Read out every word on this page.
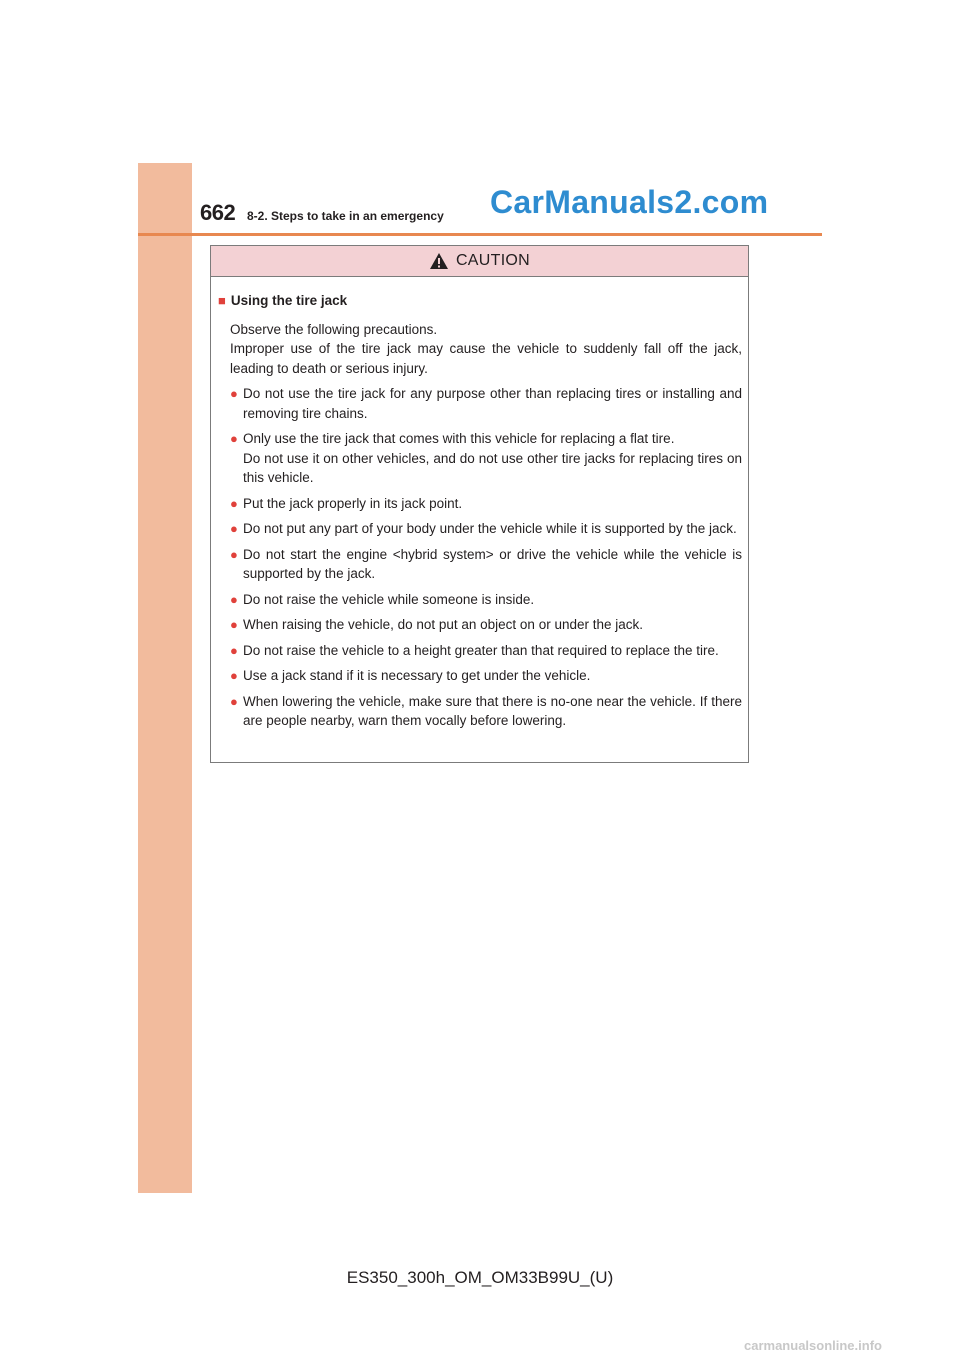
662 8-2. Steps to take in an emergency CarManuals2.com
CAUTION
■ Using the tire jack

Observe the following precautions.

Improper use of the tire jack may cause the vehicle to suddenly fall off the jack, leading to death or serious injury.

● Do not use the tire jack for any purpose other than replacing tires or installing and removing tire chains.

● Only use the tire jack that comes with this vehicle for replacing a flat tire.

Do not use it on other vehicles, and do not use other tire jacks for replacing tires on this vehicle.

● Put the jack properly in its jack point.

● Do not put any part of your body under the vehicle while it is supported by the jack.

● Do not start the engine <hybrid system> or drive the vehicle while the vehicle is supported by the jack.

● Do not raise the vehicle while someone is inside.

● When raising the vehicle, do not put an object on or under the jack.

● Do not raise the vehicle to a height greater than that required to replace the tire.

● Use a jack stand if it is necessary to get under the vehicle.

● When lowering the vehicle, make sure that there is no-one near the vehicle. If there are people nearby, warn them vocally before lowering.

ES350_300h_OM_OM33B99U_(U)
carmanualsonline.info
